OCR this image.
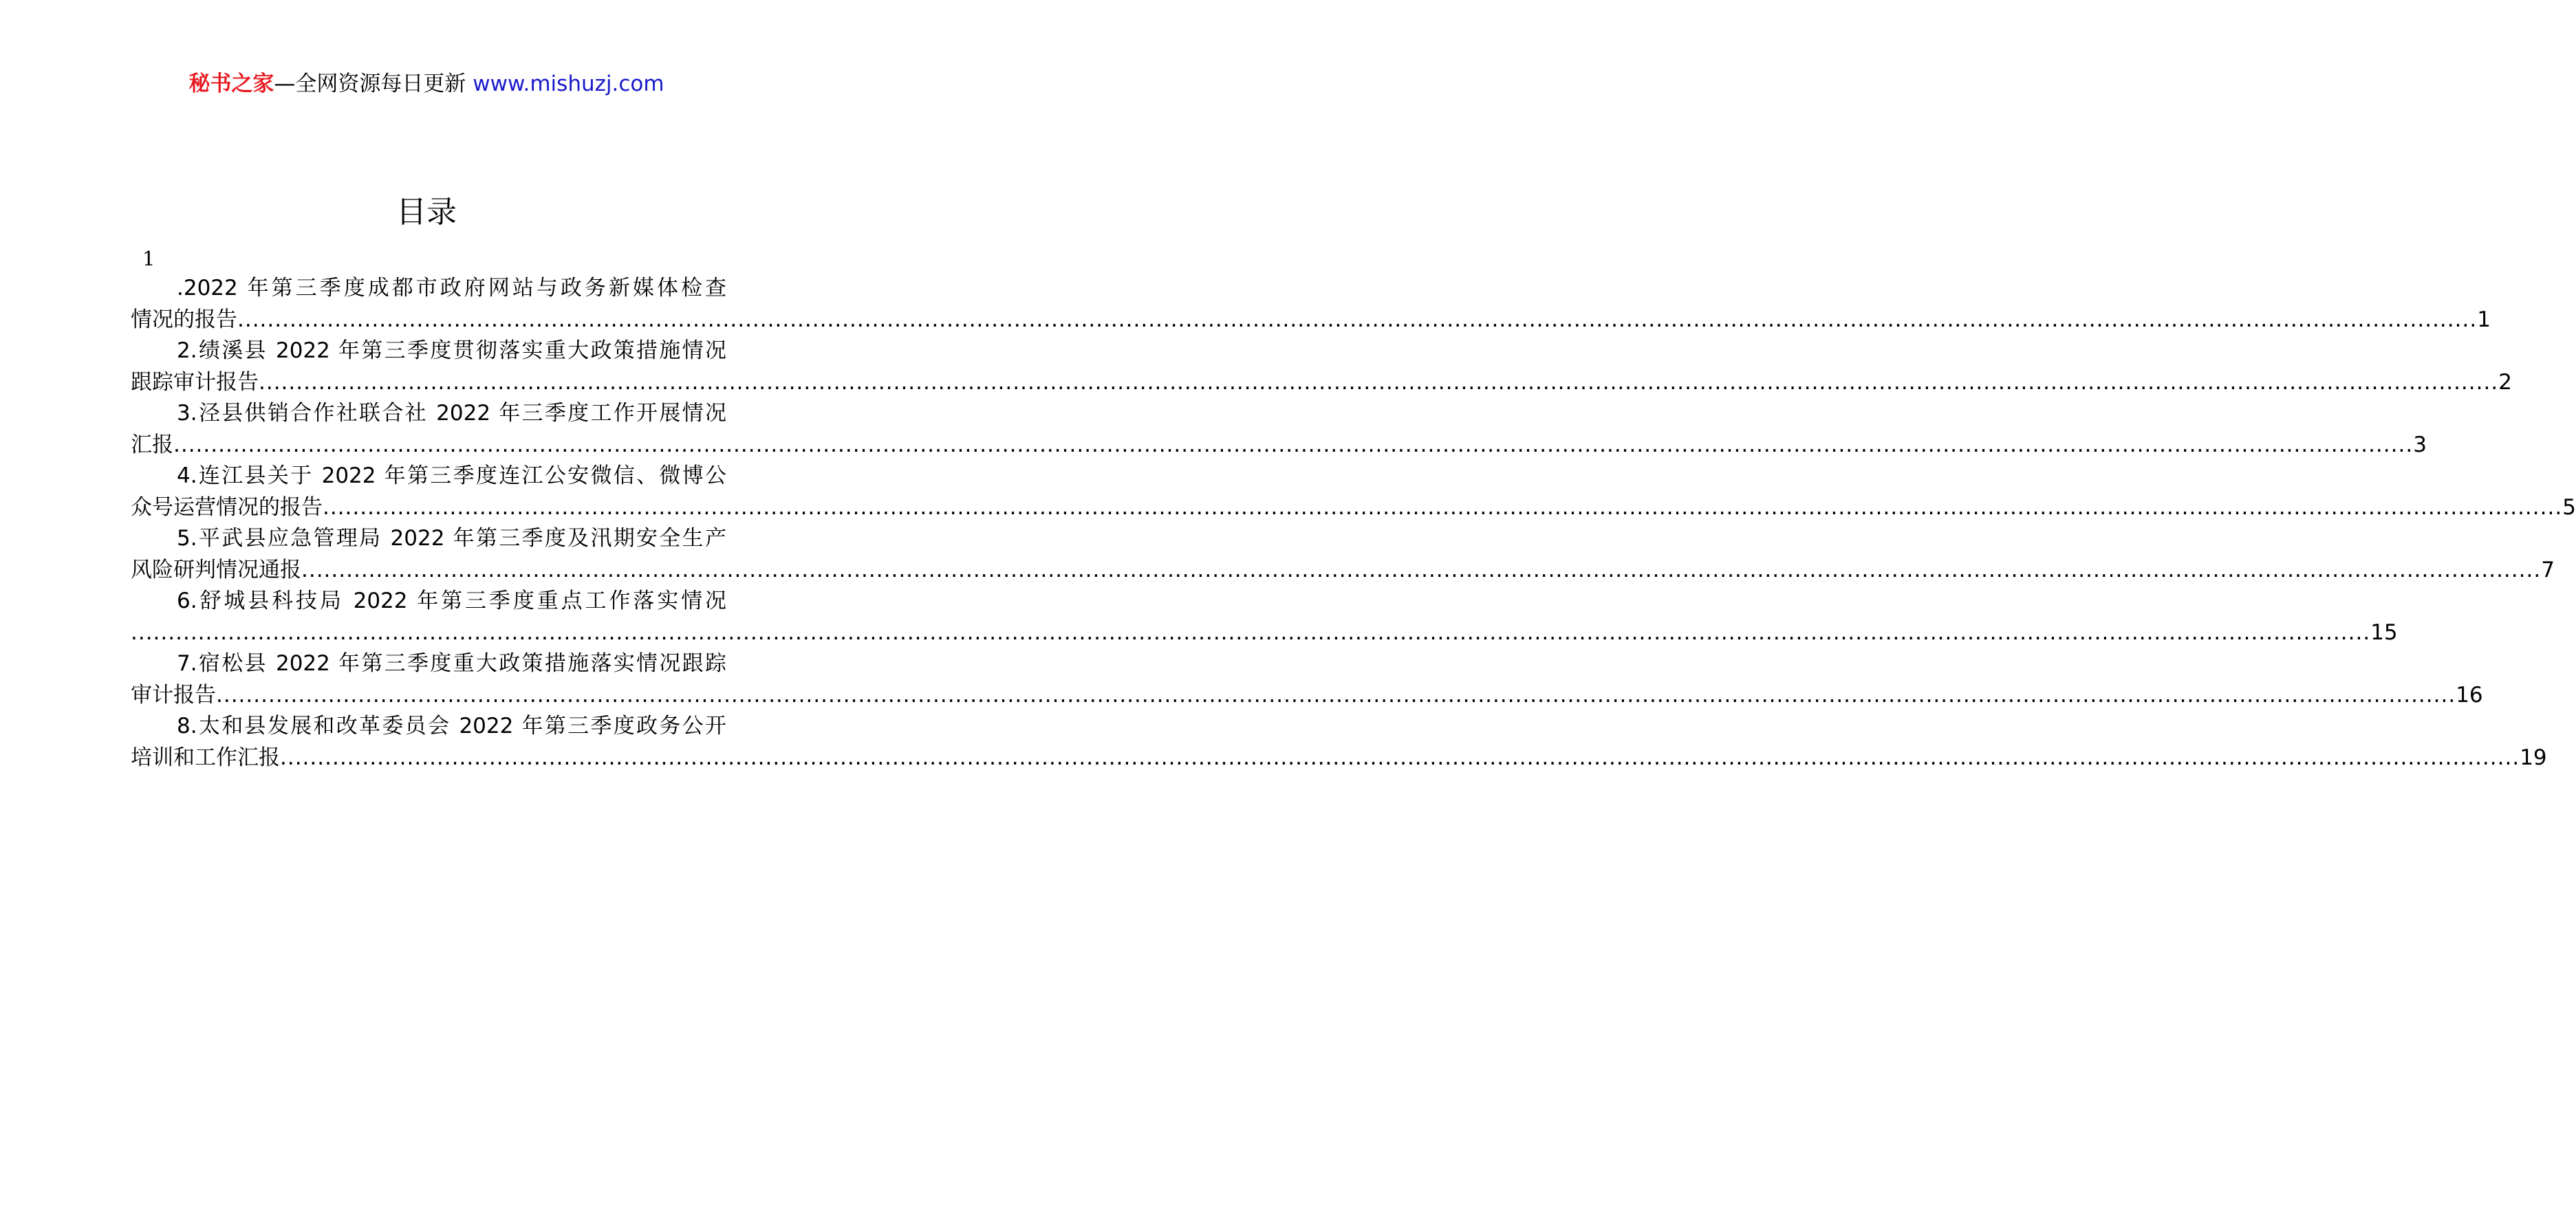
秘书之家—全网资源每日更新 www.mishuzj.com
目录
1
.2022 年第三季度成都市政府网站与政务新媒体检查
情况的报告 ............................................................................................................................................................................................................................................................................................................ 1
2.绩溪县 2022 年第三季度贯彻落实重大政策措施情况
跟踪审计报告 ............................................................................................................................................................................................................................................................................................................ 2
3.泾县供销合作社联合社 2022 年三季度工作开展情况
汇报 ............................................................................................................................................................................................................................................................................................................ 3
4.连江县关于 2022 年第三季度连江公安微信、微博公
众号运营情况的报告 ............................................................................................................................................................................................................................................................................................................ 5
5.平武县应急管理局 2022 年第三季度及汛期安全生产
风险研判情况通报 ............................................................................................................................................................................................................................................................................................................ 7
6.舒城县科技局 2022 年第三季度重点工作落实情况
............................................................................................................................................................................................................................................................................................................ 15
7.宿松县 2022 年第三季度重大政策措施落实情况跟踪
审计报告 ............................................................................................................................................................................................................................................................................................................ 16
8.太和县发展和改革委员会 2022 年第三季度政务公开
培训和工作汇报 ............................................................................................................................................................................................................................................................................................................ 19
